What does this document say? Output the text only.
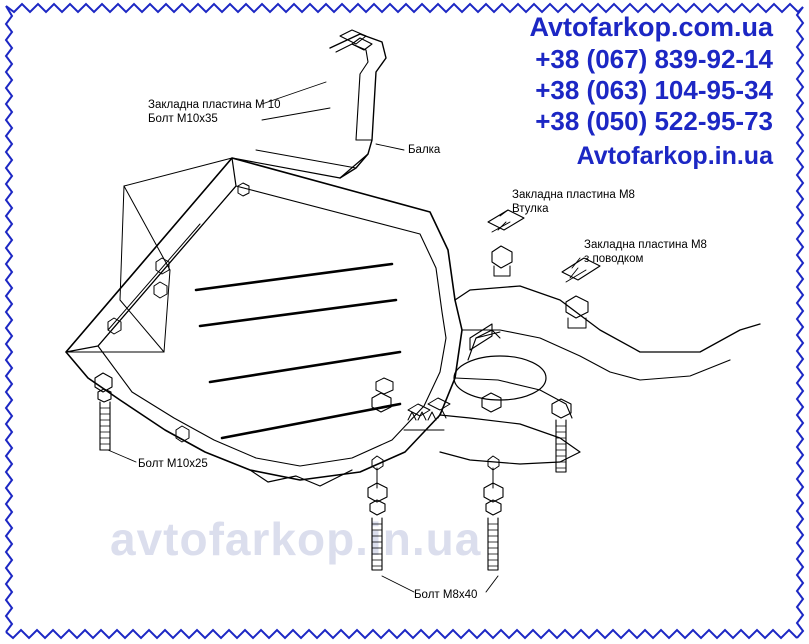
avtofarkop.in.ua
Закладна пластина М 10
Болт М10х35
Балка
Закладна пластина М8
Втулка
Закладна пластина М8
з поводком
Болт М10х25
Болт М8х40
Avtofarkop.com.ua
+38 (067) 839-92-14
+38 (063) 104-95-34
+38 (050) 522-95-73
Avtofarkop.in.ua
